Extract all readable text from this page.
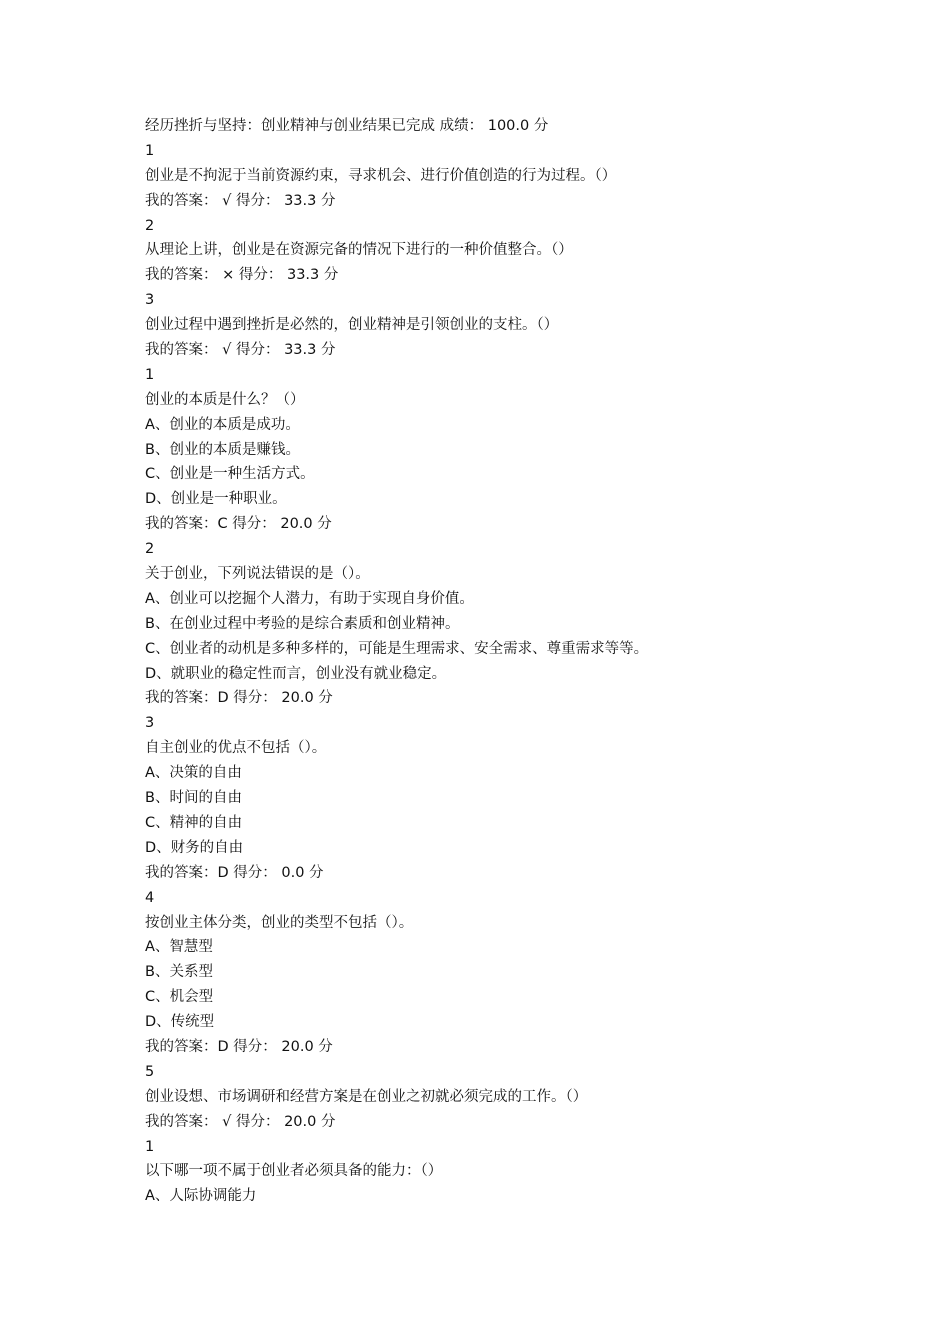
经历挫折与坚持：创业精神与创业结果已完成 成绩： 100.0 分
1
创业是不拘泥于当前资源约束，寻求机会、进行价值创造的行为过程。（）
我的答案： √ 得分： 33.3 分
2
从理论上讲，创业是在资源完备的情况下进行的一种价值整合。（）
我的答案： × 得分： 33.3 分
3
创业过程中遇到挫折是必然的，创业精神是引领创业的支柱。（）
我的答案： √ 得分： 33.3 分
1
创业的本质是什么？（）
A、创业的本质是成功。
B、创业的本质是赚钱。
C、创业是一种生活方式。
D、创业是一种职业。
我的答案：C 得分： 20.0 分
2
关于创业，下列说法错误的是（）。
A、创业可以挖掘个人潜力，有助于实现自身价值。
B、在创业过程中考验的是综合素质和创业精神。
C、创业者的动机是多种多样的，可能是生理需求、安全需求、尊重需求等等。
D、就职业的稳定性而言，创业没有就业稳定。
我的答案：D 得分： 20.0 分
3
自主创业的优点不包括（）。
A、决策的自由
B、时间的自由
C、精神的自由
D、财务的自由
我的答案：D 得分： 0.0 分
4
按创业主体分类，创业的类型不包括（）。
A、智慧型
B、关系型
C、机会型
D、传统型
我的答案：D 得分： 20.0 分
5
创业设想、市场调研和经营方案是在创业之初就必须完成的工作。（）
我的答案： √ 得分： 20.0 分
1
以下哪一项不属于创业者必须具备的能力：（）
A、人际协调能力
